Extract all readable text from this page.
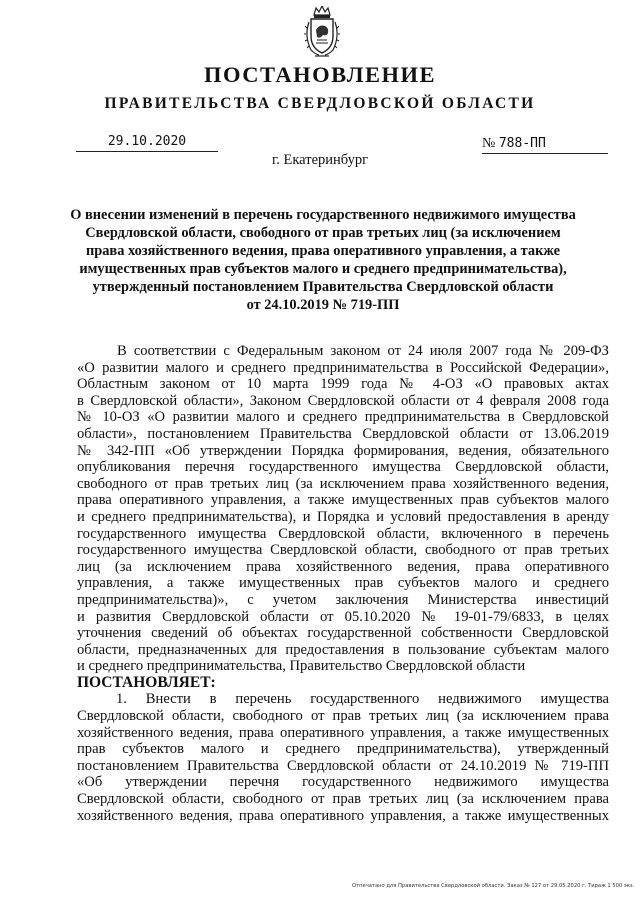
ПОСТАНОВЛЕНИЕ
ПРАВИТЕЛЬСТВА СВЕРДЛОВСКОЙ ОБЛАСТИ
29.10.2020	№ 788-ПП
г. Екатеринбург
О внесении изменений в перечень государственного недвижимого имущества
Свердловской области, свободного от прав третьих лиц (за исключением
права хозяйственного ведения, права оперативного управления, а также
имущественных прав субъектов малого и среднего предпринимательства),
утвержденный постановлением Правительства Свердловской области
от 24.10.2019 № 719-ПП
В соответствии с Федеральным законом от 24 июля 2007 года № 209-ФЗ
«О развитии малого и среднего предпринимательства в Российской Федерации»,
Областным законом от 10 марта 1999 года № 4-ОЗ «О правовых актах
в Свердловской области», Законом Свердловской области от 4 февраля 2008 года
№ 10-ОЗ «О развитии малого и среднего предпринимательства в Свердловской
области», постановлением Правительства Свердловской области от 13.06.2019
№ 342-ПП «Об утверждении Порядка формирования, ведения, обязательного
опубликования перечня государственного имущества Свердловской области,
свободного от прав третьих лиц (за исключением права хозяйственного ведения,
права оперативного управления, а также имущественных прав субъектов малого
и среднего предпринимательства), и Порядка и условий предоставления в аренду
государственного имущества Свердловской области, включенного в перечень
государственного имущества Свердловской области, свободного от прав третьих
лиц (за исключением права хозяйственного ведения, права оперативного
управления, а также имущественных прав субъектов малого и среднего
предпринимательства)», с учетом заключения Министерства инвестиций
и развития Свердловской области от 05.10.2020 № 19-01-79/6833, в целях
уточнения сведений об объектах государственной собственности Свердловской
области, предназначенных для предоставления в пользование субъектам малого
и среднего предпринимательства, Правительство Свердловской области
ПОСТАНОВЛЯЕТ:
1. Внести в перечень государственного недвижимого имущества
Свердловской области, свободного от прав третьих лиц (за исключением права
хозяйственного ведения, права оперативного управления, а также имущественных
прав субъектов малого и среднего предпринимательства), утвержденный
постановлением Правительства Свердловской области от 24.10.2019 № 719-ПП
«Об утверждении перечня государственного недвижимого имущества
Свердловской области, свободного от прав третьих лиц (за исключением права
хозяйственного ведения, права оперативного управления, а также имущественных
Отпечатано для Правительства Свердловской области. Заказ № 127 от 29.05.2020 г. Тираж 1 500 экз.
